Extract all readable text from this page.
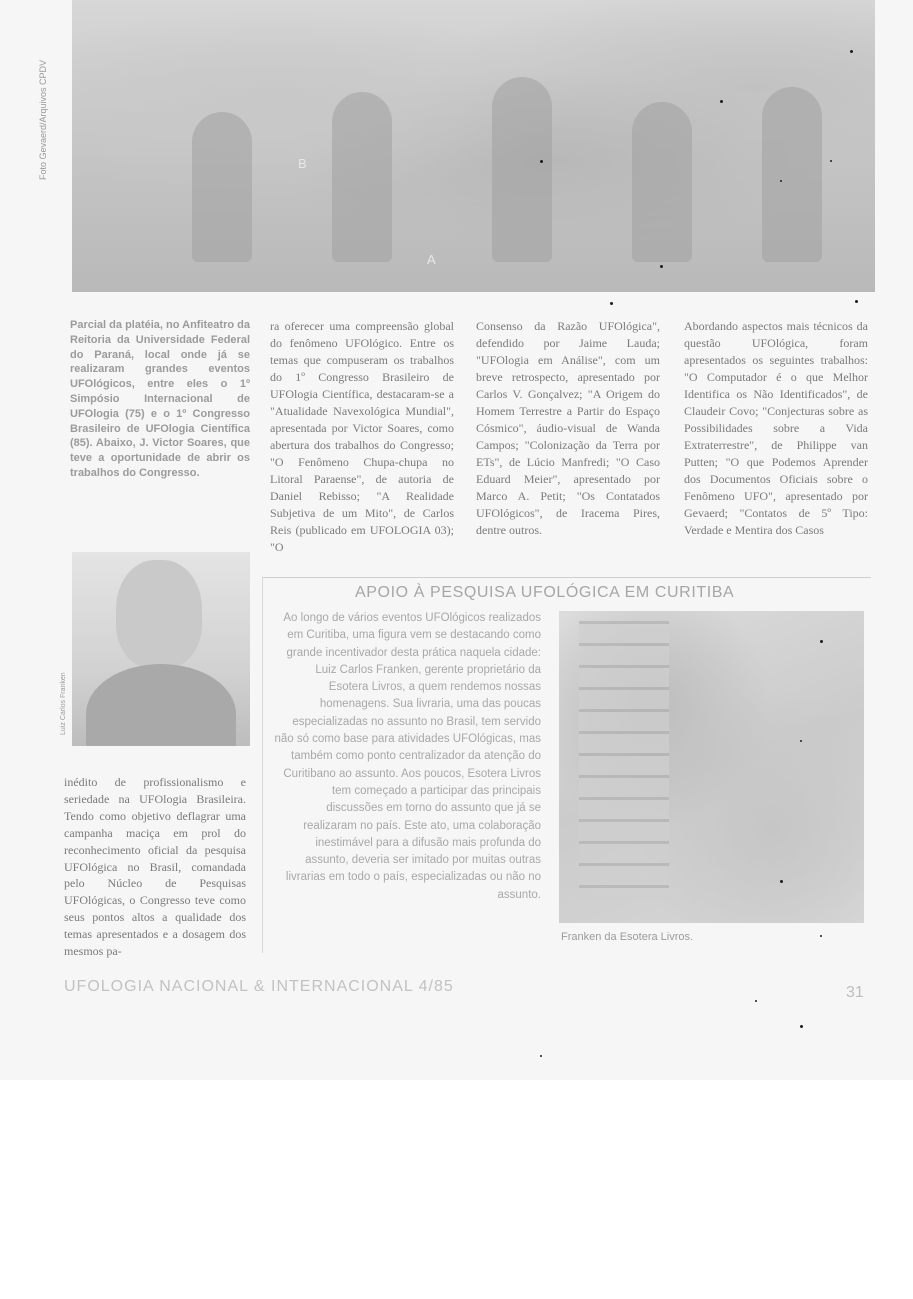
B
A
Foto Gevaerd/Arquivos CPDV
Parcial da platéia, no Anfiteatro da Reitoria da Universidade Federal do Paraná, local onde já se realizaram grandes eventos UFOlógicos, entre eles o 1º Simpósio Internacional de UFOlogia (75) e o 1º Congresso Brasileiro de UFOlogia Científica (85). Abaixo, J. Victor Soares, que teve a oportunidade de abrir os trabalhos do Congresso.
ra oferecer uma compreensão global do fenômeno UFOlógico. Entre os temas que compuseram os trabalhos do 1º Congresso Brasileiro de UFOlogia Científica, destacaram-se a "Atualidade Navexológica Mundial", apresentada por Victor Soares, como abertura dos trabalhos do Congresso; "O Fenômeno Chupa-chupa no Litoral Paraense", de autoria de Daniel Rebisso; "A Realidade Subjetiva de um Mito", de Carlos Reis (publicado em UFOLOGIA 03); "O
Consenso da Razão UFOlógica", defendido por Jaime Lauda; "UFOlogia em Análise", com um breve retrospecto, apresentado por Carlos V. Gonçalvez; "A Origem do Homem Terrestre a Partir do Espaço Cósmico", áudio-visual de Wanda Campos; "Colonização da Terra por ETs", de Lúcio Manfredi; "O Caso Eduard Meier", apresentado por Marco A. Petit; "Os Contatados UFOlógicos", de Iracema Pires, dentre outros.
Abordando aspectos mais técnicos da questão UFOlógica, foram apresentados os seguintes trabalhos: "O Computador é o que Melhor Identifica os Não Identificados", de Claudeir Covo; "Conjecturas sobre as Possibilidades sobre a Vida Extraterrestre", de Philippe van Putten; "O que Podemos Aprender dos Documentos Oficiais sobre o Fenômeno UFO", apresentado por Gevaerd; "Contatos de 5º Tipo: Verdade e Mentira dos Casos
Luiz Carlos Franken
inédito de profissionalismo e seriedade na UFOlogia Brasileira. Tendo como objetivo deflagrar uma campanha maciça em prol do reconhecimento oficial da pesquisa UFOlógica no Brasil, comandada pelo Núcleo de Pesquisas UFOlógicas, o Congresso teve como seus pontos altos a qualidade dos temas apresentados e a dosagem dos mesmos pa-
APOIO À PESQUISA UFOLÓGICA EM CURITIBA
Ao longo de vários eventos UFOlógicos realizados em Curitiba, uma figura vem se destacando como grande incentivador desta prática naquela cidade: Luiz Carlos Franken, gerente proprietário da Esotera Livros, a quem rendemos nossas homenagens. Sua livraria, uma das poucas especializadas no assunto no Brasil, tem servido não só como base para atividades UFOlógicas, mas também como ponto centralizador da atenção do Curitibano ao assunto. Aos poucos, Esotera Livros tem começado a participar das principais discussões em torno do assunto que já se realizaram no país. Este ato, uma colaboração inestimável para a difusão mais profunda do assunto, deveria ser imitado por muitas outras livrarias em todo o país, especializadas ou não no assunto.
Franken da Esotera Livros.
UFOLOGIA NACIONAL & INTERNACIONAL 4/85	31
